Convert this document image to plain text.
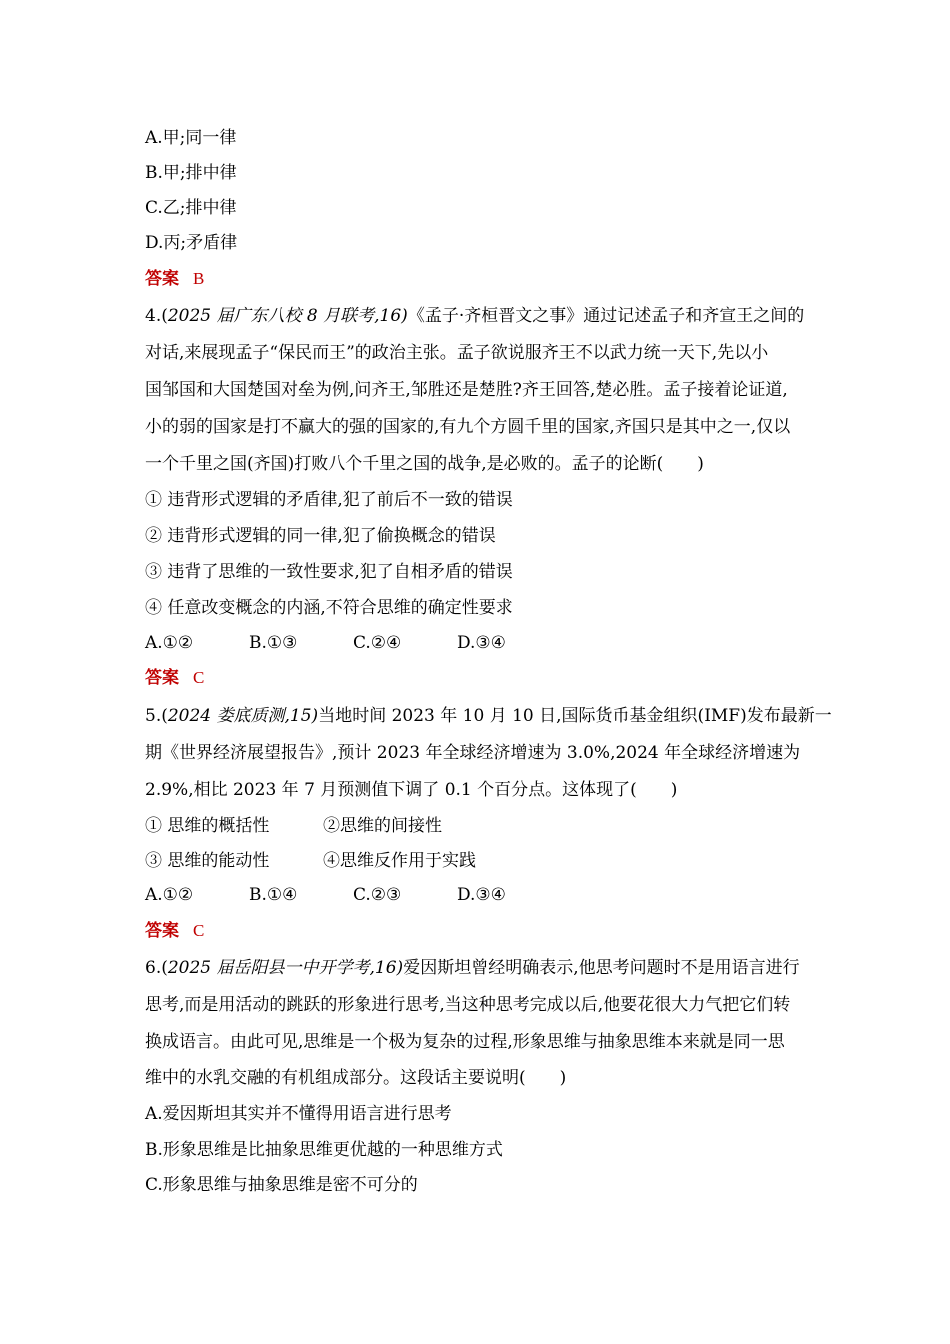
A.甲;同一律
B.甲;排中律
C.乙;排中律
D.丙;矛盾律
答案 B
4.(2025 届广东八校 8 月联考,16)《孟子·齐桓晋文之事》通过记述孟子和齐宣王之间的
对话,来展现孟子“保民而王”的政治主张。孟子欲说服齐王不以武力统一天下,先以小
国邹国和大国楚国对垒为例,问齐王,邹胜还是楚胜?齐王回答,楚必胜。孟子接着论证道,
小的弱的国家是打不赢大的强的国家的,有九个方圆千里的国家,齐国只是其中之一,仅以
一个千里之国(齐国)打败八个千里之国的战争,是必败的。孟子的论断(　　)
① 违背形式逻辑的矛盾律,犯了前后不一致的错误
② 违背形式逻辑的同一律,犯了偷换概念的错误
③ 违背了思维的一致性要求,犯了自相矛盾的错误
④ 任意改变概念的内涵,不符合思维的确定性要求
A.①②	B.①③	C.②④	D.③④
答案 C
5.(2024 娄底质测,15)当地时间 2023 年 10 月 10 日,国际货币基金组织(IMF)发布最新一
期《世界经济展望报告》,预计 2023 年全球经济增速为 3.0%,2024 年全球经济增速为
2.9%,相比 2023 年 7 月预测值下调了 0.1 个百分点。这体现了(　　)
① 思维的概括性	②思维的间接性
③ 思维的能动性	④思维反作用于实践
A.①②	B.①④	C.②③	D.③④
答案 C
6.(2025 届岳阳县一中开学考,16)爱因斯坦曾经明确表示,他思考问题时不是用语言进行
思考,而是用活动的跳跃的形象进行思考,当这种思考完成以后,他要花很大力气把它们转
换成语言。由此可见,思维是一个极为复杂的过程,形象思维与抽象思维本来就是同一思
维中的水乳交融的有机组成部分。这段话主要说明(　　)
A.爱因斯坦其实并不懂得用语言进行思考
B.形象思维是比抽象思维更优越的一种思维方式
C.形象思维与抽象思维是密不可分的
